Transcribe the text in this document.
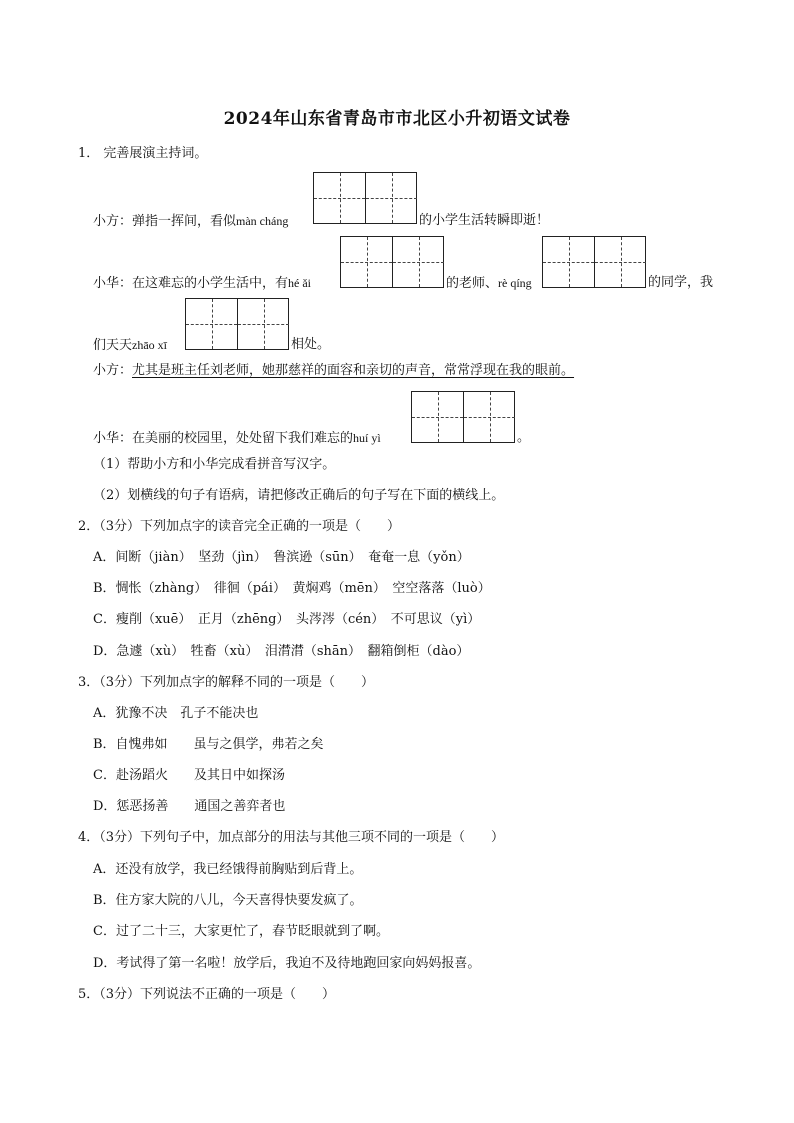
2024年山东省青岛市市北区小升初语文试卷
1． 完善展演主持词。
小方：弹指一挥间，看似màn cháng	的小学生活转瞬即逝！
小华：在这难忘的小学生活中，有hé ǎi	的老师、rè qíng	的同学，我
们天天zhāo xī	相处。
小方：尤其是班主任刘老师，她那慈祥的面容和亲切的声音，常常浮现在我的眼前。
小华：在美丽的校园里，处处留下我们难忘的huí yì	。
（1）帮助小方和小华完成看拼音写汉字。
（2）划横线的句子有语病，请把修改正确后的句子写在下面的横线上。
2．（3分）下列加点字的读音完全正确的一项是（　　）
A．间断（jiàn）　坚劲（jìn）　鲁滨逊（sūn）　奄奄一息（yǒn）
B．惆怅（zhàng）　徘徊（pái）　黄焖鸡（mēn）　空空落落（luò）
C．瘦削（xuē）　正月（zhēng）　头涔涔（cén）　不可思议（yì）
D．急遽（xù）　牲畜（xù）　泪潸潸（shān）　翻箱倒柜（dào）
3．（3分）下列加点字的解释不同的一项是（　　）
A．犹豫不决　孔子不能决也
B．自愧弗如　　虽与之俱学，弗若之矣
C．赴汤蹈火　　及其日中如探汤
D．惩恶扬善　　通国之善弈者也
4．（3分）下列句子中，加点部分的用法与其他三项不同的一项是（　　）
A．还没有放学，我已经饿得前胸贴到后背上。
B．住方家大院的八儿，今天喜得快要发疯了。
C．过了二十三，大家更忙了，春节眨眼就到了啊。
D．考试得了第一名啦！放学后，我迫不及待地跑回家向妈妈报喜。
5．（3分）下列说法不正确的一项是（　　）
